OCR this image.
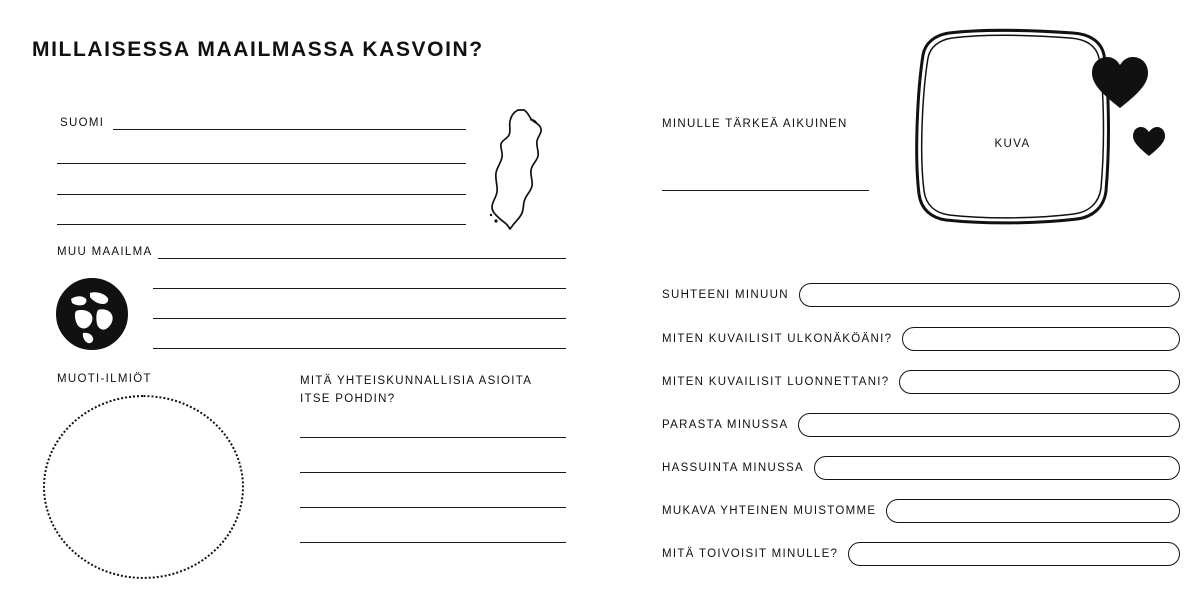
MILLAISESSA MAAILMASSA KASVOIN?
SUOMI
MUU MAAILMA
MUOTI-ILMIÖT	MITÄ YHTEISKUNNALLISIA ASIOITA
ITSE POHDIN?
MINULLE TÄRKEÄ AIKUINEN
KUVA
SUHTEENI MINUUN
MITEN KUVAILISIT ULKONÄKÖÄNI?
MITEN KUVAILISIT LUONNETTANI?
PARASTA MINUSSA
HASSUINTA MINUSSA
MUKAVA YHTEINEN MUISTOMME
MITÄ TOIVOISIT MINULLE?
